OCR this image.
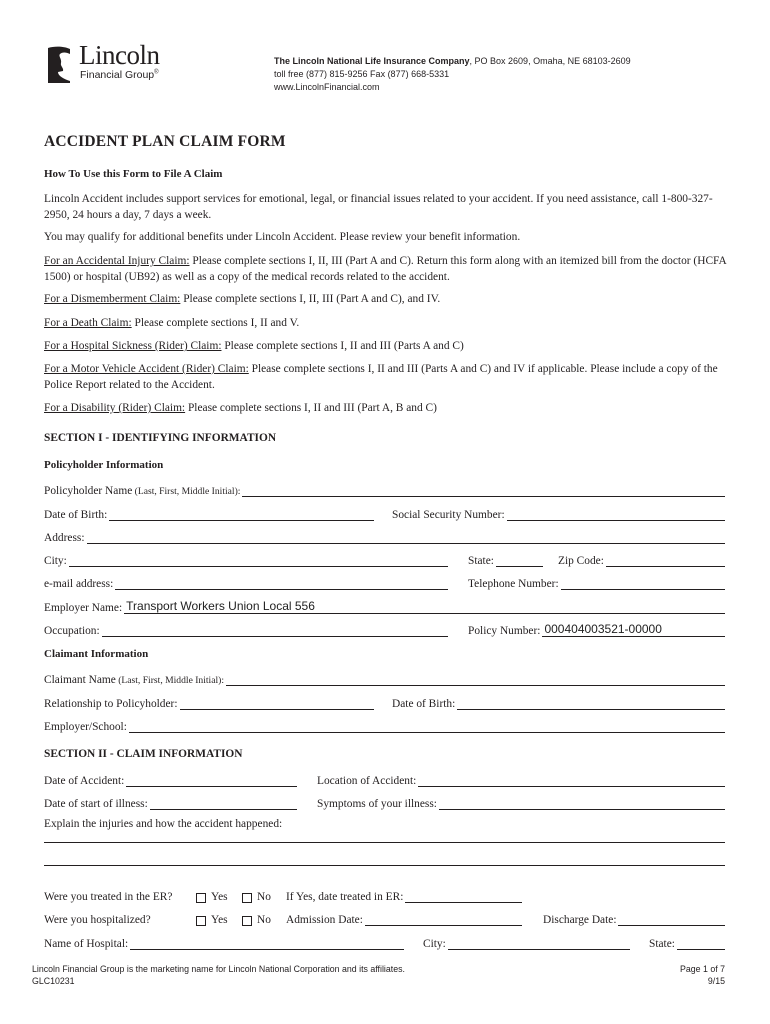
Lincoln
Financial Group®
The Lincoln National Life Insurance Company, PO Box 2609, Omaha, NE 68103-2609
toll free (877) 815-9256 Fax (877) 668-5331
www.LincolnFinancial.com
ACCIDENT PLAN CLAIM FORM
How To Use this Form to File A Claim
Lincoln Accident includes support services for emotional, legal, or financial issues related to your accident. If you need assistance, call 1-800-327-2950, 24 hours a day, 7 days a week.
You may qualify for additional benefits under Lincoln Accident. Please review your benefit information.
For an Accidental Injury Claim: Please complete sections I, II, III (Part A and C). Return this form along with an itemized bill from the doctor (HCFA 1500) or hospital (UB92) as well as a copy of the medical records related to the accident.
For a Dismemberment Claim: Please complete sections I, II, III (Part A and C), and IV.
For a Death Claim: Please complete sections I, II and V.
For a Hospital Sickness (Rider) Claim: Please complete sections I, II and III (Parts A and C)
For a Motor Vehicle Accident (Rider) Claim: Please complete sections I, II and III (Parts A and C) and IV if applicable. Please include a copy of the Police Report related to the Accident.
For a Disability (Rider) Claim: Please complete sections I, II and III (Part A, B and C)
SECTION I - IDENTIFYING INFORMATION
Policyholder Information
Policyholder Name (Last, First, Middle Initial):
Date of Birth:	Social Security Number:
Address:
City:	State:	Zip Code:
e-mail address:	Telephone Number:
Employer Name: Transport Workers Union Local 556
Occupation:	Policy Number: 000404003521-00000
Claimant Information
Claimant Name (Last, First, Middle Initial):
Relationship to Policyholder:	Date of Birth:
Employer/School:
SECTION II - CLAIM INFORMATION
Date of Accident:	Location of Accident:
Date of start of illness:	Symptoms of your illness:
Explain the injuries and how the accident happened:
Were you treated in the ER?	Yes	No If Yes, date treated in ER:
Were you hospitalized?	Yes	No Admission Date:	Discharge Date:
Name of Hospital:	City:	State:
Lincoln Financial Group is the marketing name for Lincoln National Corporation and its affiliates.
GLC10231
Page 1 of 7
9/15
